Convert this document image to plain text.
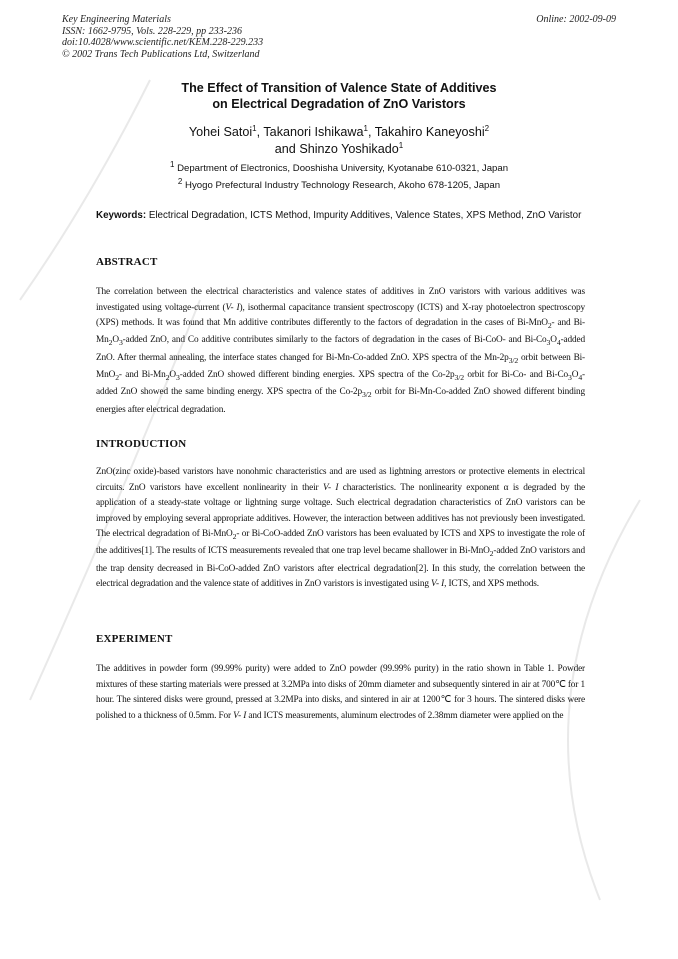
Key Engineering Materials
ISSN: 1662-9795, Vols. 228-229, pp 233-236
doi:10.4028/www.scientific.net/KEM.228-229.233
© 2002 Trans Tech Publications Ltd, Switzerland
Online: 2002-09-09
The Effect of Transition of Valence State of Additives
on Electrical Degradation of ZnO Varistors
Yohei Satoi$^1$, Takanori Ishikawa$^1$, Takahiro Kaneyoshi$^2$
and Shinzo Yoshikado$^1$
$^1$ Department of Electronics, Dooshisha University, Kyotanabe 610-0321, Japan
$^2$ Hyogo Prefectural Industry Technology Research, Akoho 678-1205, Japan
Keywords: Electrical Degradation, ICTS Method, Impurity Additives, Valence States, XPS Method, ZnO Varistor
ABSTRACT
The correlation between the electrical characteristics and valence states of additives in ZnO varistors with various additives was investigated using voltage-current (V- I), isothermal capacitance transient spectroscopy (ICTS) and X-ray photoelectron spectroscopy (XPS) methods. It was found that Mn additive contributes differently to the factors of degradation in the cases of Bi-MnO$_2$- and $Bi-Mn_2O_3$-added ZnO, and Co additive contributes similarly to the factors of degradation in the cases of Bi-CoO- and $Bi-Co_3O_4$-added ZnO. After thermal annealing, the interface states changed for Bi-Mn-Co-added ZnO. XPS spectra of the $Mn-2p_{3/2}$ orbit between Bi-MnO$_2$- and $Bi-Mn_2O_3$-added ZnO showed different binding energies. XPS spectra of the $Co-2p_{3/2}$ orbit for Bi-Co- and $Bi-Co_3O_4$-added ZnO showed the same binding energy. XPS spectra of the $Co-2p_{3/2}$ orbit for Bi-Mn-Co-added ZnO showed different binding energies after electrical degradation.
INTRODUCTION
ZnO(zinc oxide)-based varistors have nonohmic characteristics and are used as lightning arrestors or protective elements in electrical circuits. ZnO varistors have excellent nonlinearity in their V- I characteristics. The nonlinearity exponent α is degraded by the application of a steady-state voltage or lightning surge voltage. Such electrical degradation characteristics of ZnO varistors can be improved by employing several appropriate additives. However, the interaction between additives has not previously been investigated. The electrical degradation of Bi-MnO$_2$- or Bi-CoO-added ZnO varistors has been evaluated by ICTS and XPS to investigate the role of the additives[1]. The results of ICTS measurements revealed that one trap level became shallower in Bi-MnO$_2$-added ZnO varistors and the trap density decreased in Bi-CoO-added ZnO varistors after electrical degradation[2]. In this study, the correlation between the electrical degradation and the valence state of additives in ZnO varistors is investigated using V- I, ICTS, and XPS methods.
EXPERIMENT
The additives in powder form (99.99% purity) were added to ZnO powder (99.99% purity) in the ratio shown in Table 1. Powder mixtures of these starting materials were pressed at 3.2MPa into disks of 20mm diameter and subsequently sintered in air at 700℃ for 1 hour. The sintered disks were ground, pressed at 3.2MPa into disks, and sintered in air at 1200℃ for 3 hours. The sintered disks were polished to a thickness of 0.5mm. For V- I and ICTS measurements, aluminum electrodes of 2.38mm diameter were applied on the
